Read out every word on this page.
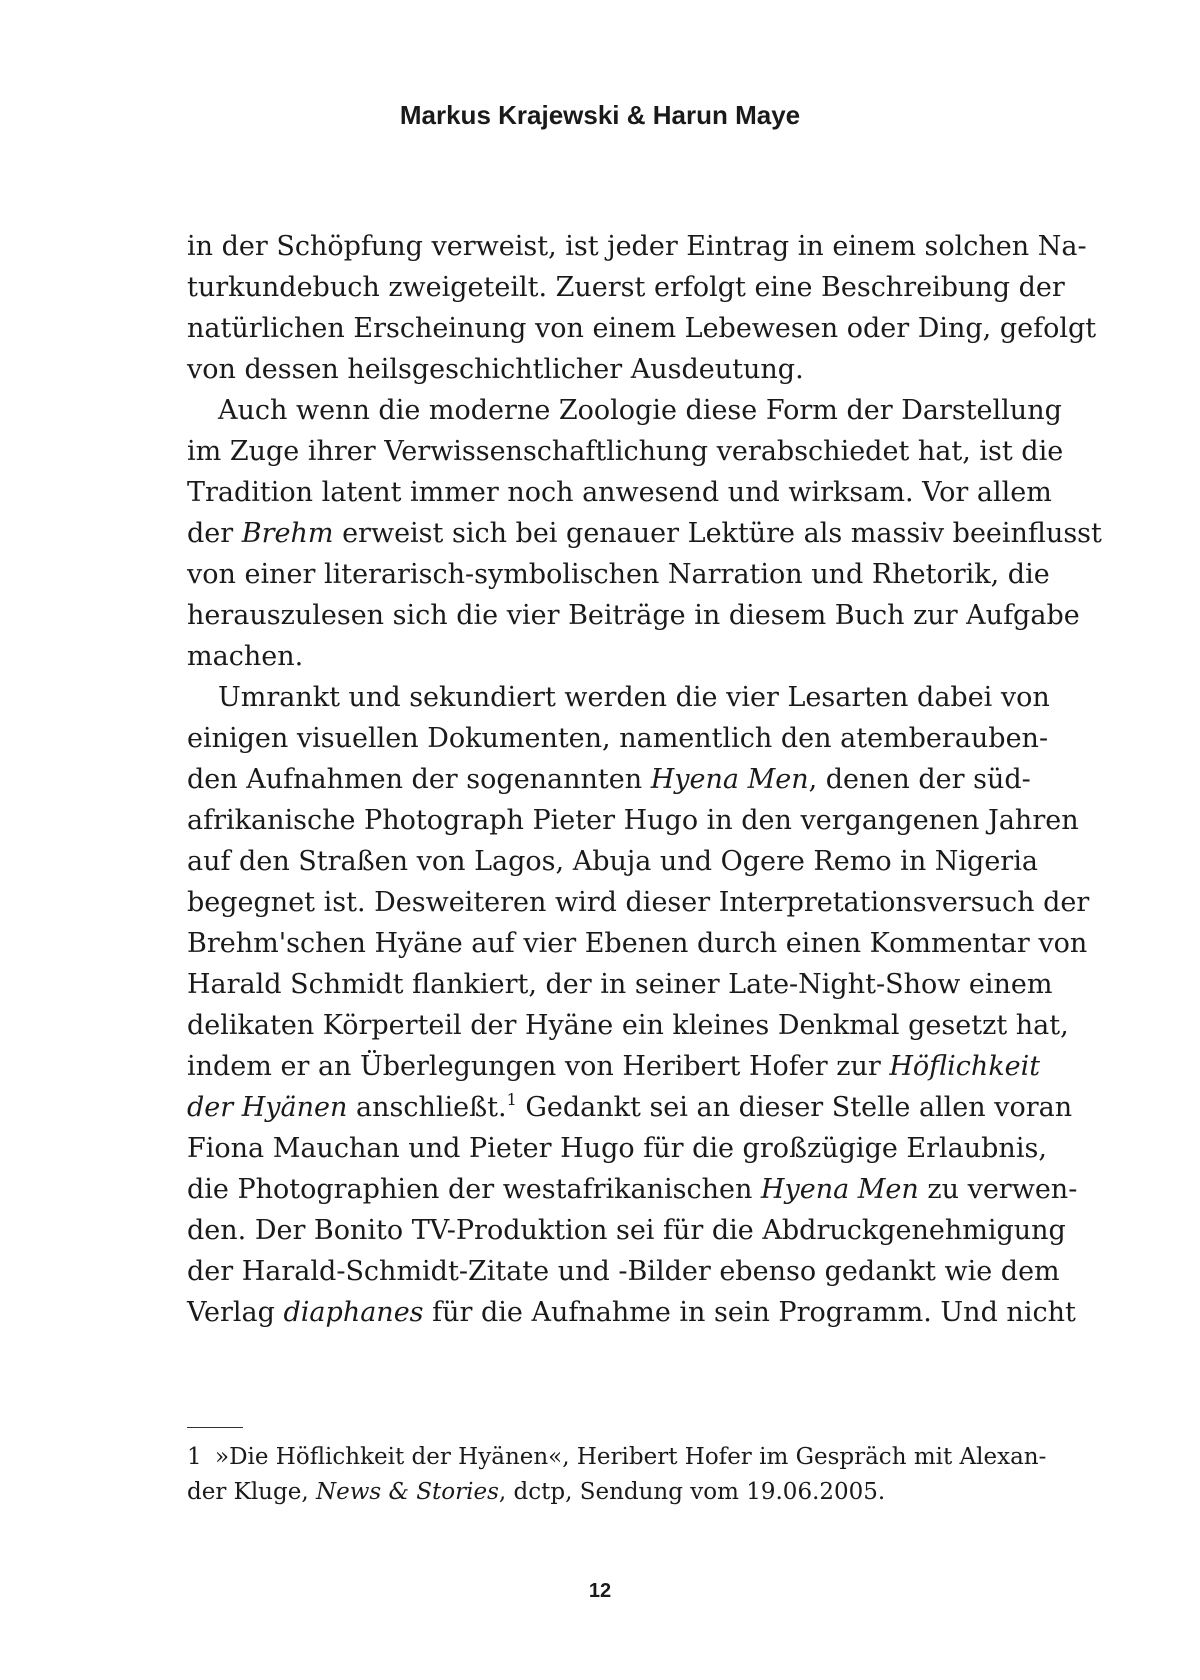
Markus Krajewski & Harun Maye

in der Schöpfung verweist, ist jeder Eintrag in einem solchen Na-
turkundebuch zweigeteilt. Zuerst erfolgt eine Beschreibung der
natürlichen Erscheinung von einem Lebewesen oder Ding, gefolgt
von dessen heilsgeschichtlicher Ausdeutung.

Auch wenn die moderne Zoologie diese Form der Darstellung
im Zuge ihrer Verwissenschaftlichung verabschiedet hat, ist die
Tradition latent immer noch anwesend und wirksam. Vor allem
der Brehm erweist sich bei genauer Lektüre als massiv beeinflusst
von einer literarisch-symbolischen Narration und Rhetorik, die
herauszulesen sich die vier Beiträge in diesem Buch zur Aufgabe
machen.

Umrankt und sekundiert werden die vier Lesarten dabei von
einigen visuellen Dokumenten, namentlich den atemberauben-
den Aufnahmen der sogenannten Hyena Men, denen der süd-
afrikanische Photograph Pieter Hugo in den vergangenen Jahren
auf den Straßen von Lagos, Abuja und Ogere Remo in Nigeria
begegnet ist. Desweiteren wird dieser Interpretationsversuch der
Brehm'schen Hyäne auf vier Ebenen durch einen Kommentar von
Harald Schmidt flankiert, der in seiner Late-Night-Show einem
delikaten Körperteil der Hyäne ein kleines Denkmal gesetzt hat,
indem er an Überlegungen von Heribert Hofer zur Höflichkeit
der Hyänen anschließt.$^1$ Gedankt sei an dieser Stelle allen voran
Fiona Mauchan und Pieter Hugo für die großzügige Erlaubnis,
die Photographien der westafrikanischen Hyena Men zu verwen-
den. Der Bonito TV-Produktion sei für die Abdruckgenehmigung
der Harald-Schmidt-Zitate und -Bilder ebenso gedankt wie dem
Verlag diaphanes für die Aufnahme in sein Programm. Und nicht

1 »Die Höflichkeit der Hyänen«, Heribert Hofer im Gespräch mit Alexan-
der Kluge, News & Stories, dctp, Sendung vom 19.06.2005.
12
